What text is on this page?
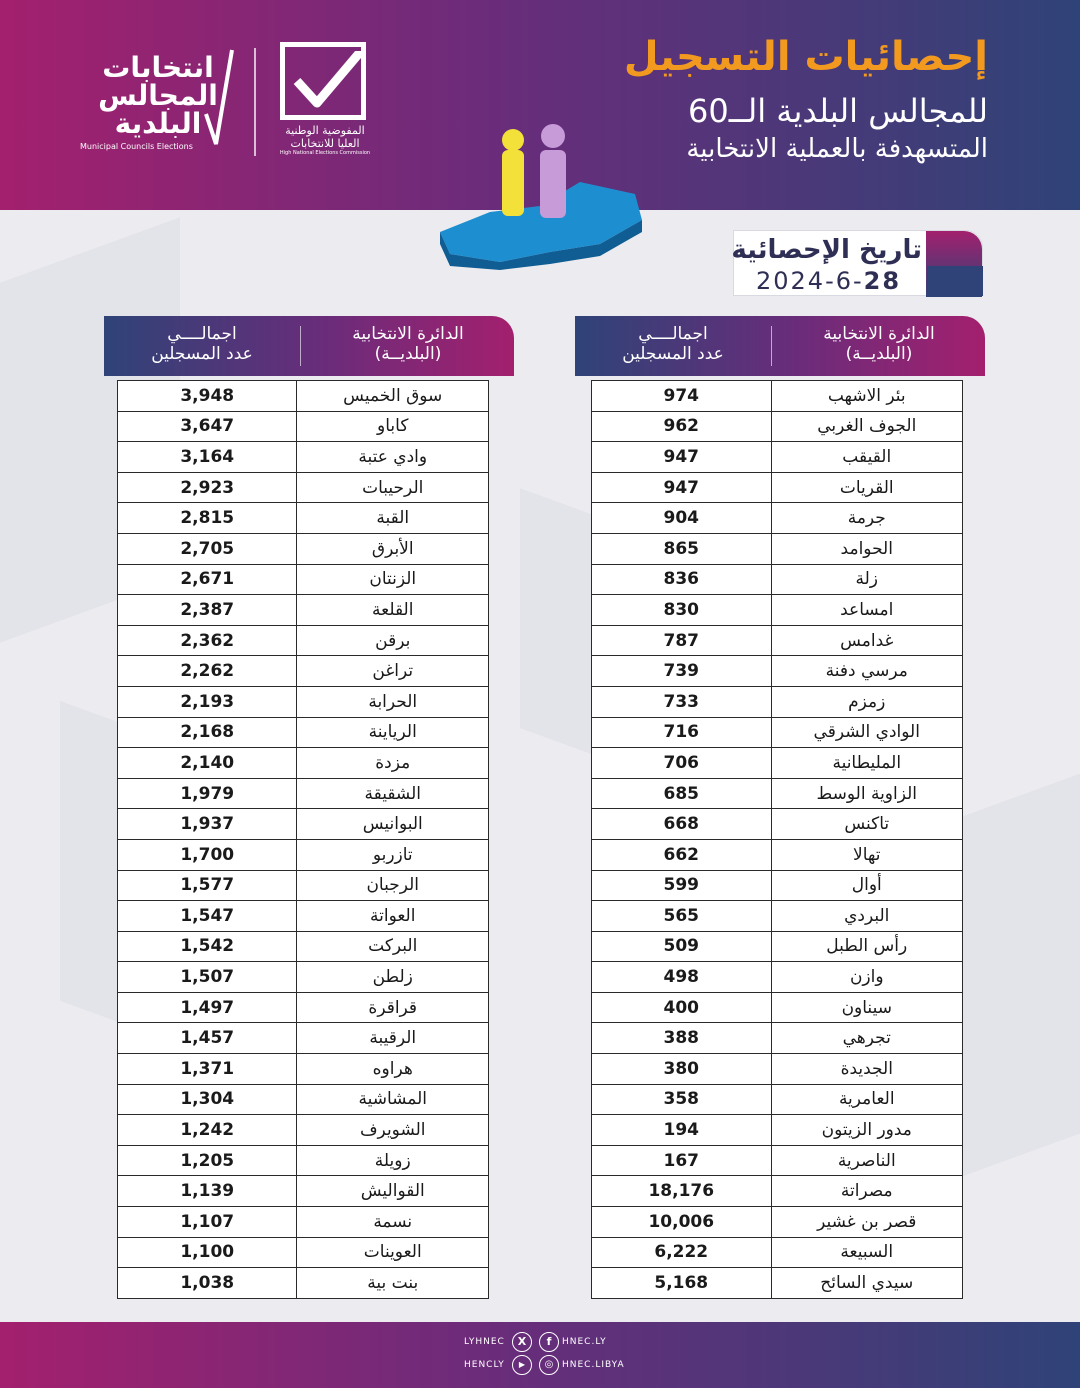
إحصائيات التسجيل
للمجالس البلدية الــ60
المتسهدفة بالعملية الانتخابية
انتخابات
المجالس
البلدية
Municipal Councils Elections
المفوضية الوطنية
العليا للانتخابات
High National Elections Commission
تاريخ الإحصائية
2024-6-28
الدائرة الانتخابية
(البلديــة)
اجمالــــي
عدد المسجلين
الدائرة الانتخابية
(البلديــة)
اجمالــــي
عدد المسجلين
3,948	سوق الخميس
3,647	كاباو
3,164	وادي عتبة
2,923	الرحيبات
2,815	القبة
2,705	الأبرق
2,671	الزنتان
2,387	القلعة
2,362	برقن
2,262	تراغن
2,193	الحرابة
2,168	الرياينة
2,140	مزدة
1,979	الشقيقة
1,937	البوانيس
1,700	تازربو
1,577	الرجبان
1,547	العواتة
1,542	البركت
1,507	زلطن
1,497	قراقرة
1,457	الرقيبة
1,371	هراوه
1,304	المشاشية
1,242	الشويرف
1,205	زويلة
1,139	القواليش
1,107	نسمة
1,100	العوينات
1,038	بنت بية
974	بئر الاشهب
962	الجوف الغربي
947	القيقب
947	القريات
904	جرمة
865	الحوامد
836	زلة
830	امساعد
787	غدامس
739	مرسي دفنة
733	زمزم
716	الوادي الشرقي
706	المليطانية
685	الزاوية الوسط
668	تاكنس
662	تهالا
599	أوال
565	البردي
509	رأس الطبل
498	وازن
400	سيناون
388	تجرهي
380	الجديدة
358	العامرية
194	مدور الزيتون
167	الناصرية
18,176	مصراتة
10,006	قصر بن غشير
6,222	السبيعة
5,168	سيدي السائح
LYHNEC	X	f	HNEC.LY
HENCLY	▶	◎ HNEC.LIBYA
